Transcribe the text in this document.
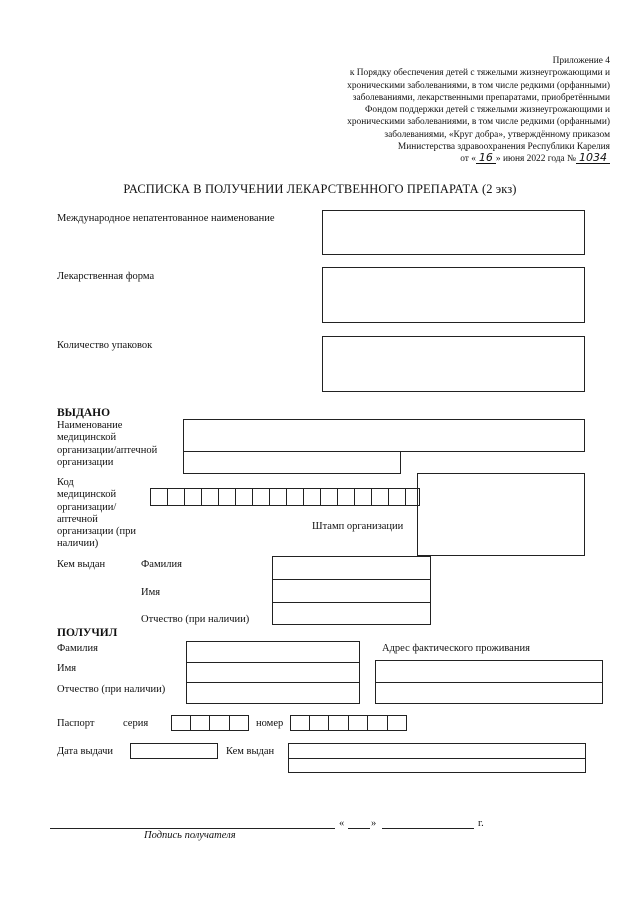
Приложение 4
к Порядку обеспечения детей с тяжелыми жизнеугрожающими и
хроническими заболеваниями, в том числе редкими (орфанными)
заболеваниями, лекарственными препаратами, приобретёнными
Фондом поддержки детей с тяжелыми жизнеугрожающими и
хроническими заболеваниями, в том числе редкими (орфанными)
заболеваниями, «Круг добра», утверждённому приказом
Министерства здравоохранения Республики Карелия
от « 16 » июня 2022 года № 1034
РАСПИСКА В ПОЛУЧЕНИИ ЛЕКАРСТВЕННОГО ПРЕПАРАТА (2 экз)
Международное непатентованное наименование
Лекарственная форма
Количество упаковок
ВЫДАНО
Наименование
медицинской
организации/аптечной
организации
Код
медицинской
организации/
аптечной
организации (при
наличии)
Штамп организации
Кем выдан	Фамилия
Имя
Отчество (при наличии)
ПОЛУЧИЛ
Фамилия
Имя
Отчество (при наличии)
Адрес фактического проживания
Паспорт	серия	номер
Дата выдачи	Кем выдан
«	»	г.
Подпись получателя
